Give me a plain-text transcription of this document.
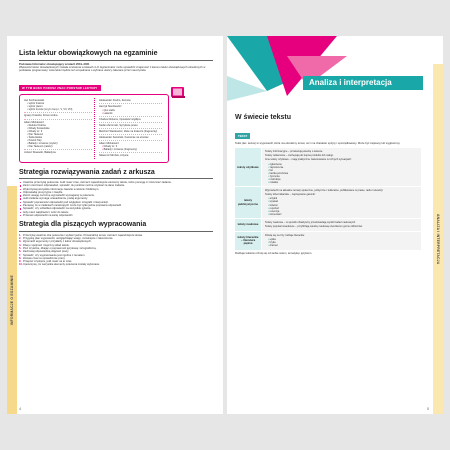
INFORMACJE O EGZAMINIE
Lista lektur obowiązkowych na egzaminie
Podstawa Informator obowiązujący w latach 2019–2021
Większość lektur obowiązkowych została omówiona w klasach 4–8. Egzaminator może sprawdzić znajomość z kanonu lektur obowiązkowych określonych w podstawie programowej. Lista lektur będzie też uzupełniana o wybrane utwory zalecane przez nauczyciela.
W TYM BOKU PODUSZ ZNAC PODSTAW LEKTURY
Jan Kochanowski
• wybór fraszek
• wybór pieśni
• wybór trenów (w tym treny I, V, VII, VIII)
Ignacy Krasicki, Żona modna
Adam Mickiewicz
• Reduta Ordona
• Dziady Kowieńskie
• Dziady cz. II
• Pan Tadeusz
• Świtezianka
• Powrót Taty
• Ballady i romanse (wybór)
• Pan Tadeusz (całość)
Juliusz Słowacki, Balladyna
Aleksander Fredro, Zemsta
Henryk Sienkiewicz
• Quo vadis
• Latarnik
Charles Dickens, Opowieść wigilijna
Stefan Żeromski, Syzyfowe prace
Melchior Wańkowicz, Ziele na kraterze (fragmenty)
Aleksander Kamiński, Kamienie na szaniec
Adam Mickiewicz
• Dziady cz. II
• Ballady i romanse (fragmenty)
Sławomir Mrożek, Artysta
Strategia rozwiązywania zadań z arkusza
Uważnie przeczytaj polecenia. Jeśli masz czas, zaznacz najważniejsze elementy tekstu, które pomogą ci zrozumieć zadanie.
Zanim zaczniesz odpowiadać, sprawdź, ile punktów można uzyskać za dane zadanie.
Wykorzystaj wszystkie informacje zawarte w tekście źródłowym.
Odpowiadaj precyzyjnie i zwięźle.
Zwróć uwagę na formę wypowiedzi wymaganej w poleceniu.
Jeśli zadanie wymaga uzasadnienia, podaj argumenty.
Sprawdź poprawność odpowiedzi pod względem ortografii i interpunkcji.
Pamiętaj, że w zadaniach zamkniętych może być tylko jedna poprawna odpowiedź.
Sprawdź, czy udzieliłeś odpowiedzi na wszystkie pytania.
Gdy masz wątpliwości, wróć do tekstu.
Przenieś odpowiedzi na kartę odpowiedzi.
Strategia dla piszących wypracowania
1. Przeczytaj uważnie oba polecenia i wybierz jedno. Przeanalizuj temat, zaznacz najważniejsze słowa.
2. Przygotuj plan wypowiedzi, uwzględniając wstęp, rozwinięcie i zakończenie.
3. Zgromadź argumenty i przykłady z lektur obowiązkowych.
4. Dbaj o spójność i logiczny układ tekstu.
5. Pisz czytelnie, dbając o poprawność językową i ortograficzną.
6. Zachowaj odpowiednią objętość pracy.
7. Sprawdź, czy wypracowanie jest zgodne z tematem.
8. Zostaw czas na sprawdzenie pracy.
9. Przepisz czystopis, jeśli masz na to czas.
10. Upewnij się, że wszystkie elementy polecenia zostały wykonane.
4
Analiza i interpretacja
ANALIZA I INTERPRETACJA
W świecie tekstu
TEKST
Tekst (łac. textus) to wypowiedź, która ma określony temat, cel i ma charakter spójny i uporządkowany. Może być zapisany lub wygłoszony.
teksty użytkowe

Teksty informacyjne – przekazują wiedzę o świecie.

Teksty reklamowe – zachęcają do kupna produktu lub usługi.

Inne teksty użytkowe – mają praktyczne zastosowanie w różnych sytuacjach:

• ogłoszenie
• zaproszenie
• list
• kartka pocztowa
• życzenia
• instrukcja
• notatka
teksty publicystyczne

Wypowiedzi na aktualne tematy społeczne, polityczne i kulturalne, publikowane w prasie, radiu i telewizji.

Teksty dziennikarskie – zapisywanie gatunki:

• artykuł
• wywiad
• felieton
• reportaż
• recenzja
• komentarz
teksty naukowe	Teksty naukowe – w sposób obiektywny przedstawiają wyniki badań naukowych.

Teksty popularnonaukowe – przybliżają wiedzę naukową szerokiemu gronu odbiorców.

teksty literackie – literatura piękna

Dzielą się na trzy rodzaje literackie:

• epika
• liryka
• dramat
Rodzaje tekstów różnią się od siebie celem, tematyką i językiem.
5
